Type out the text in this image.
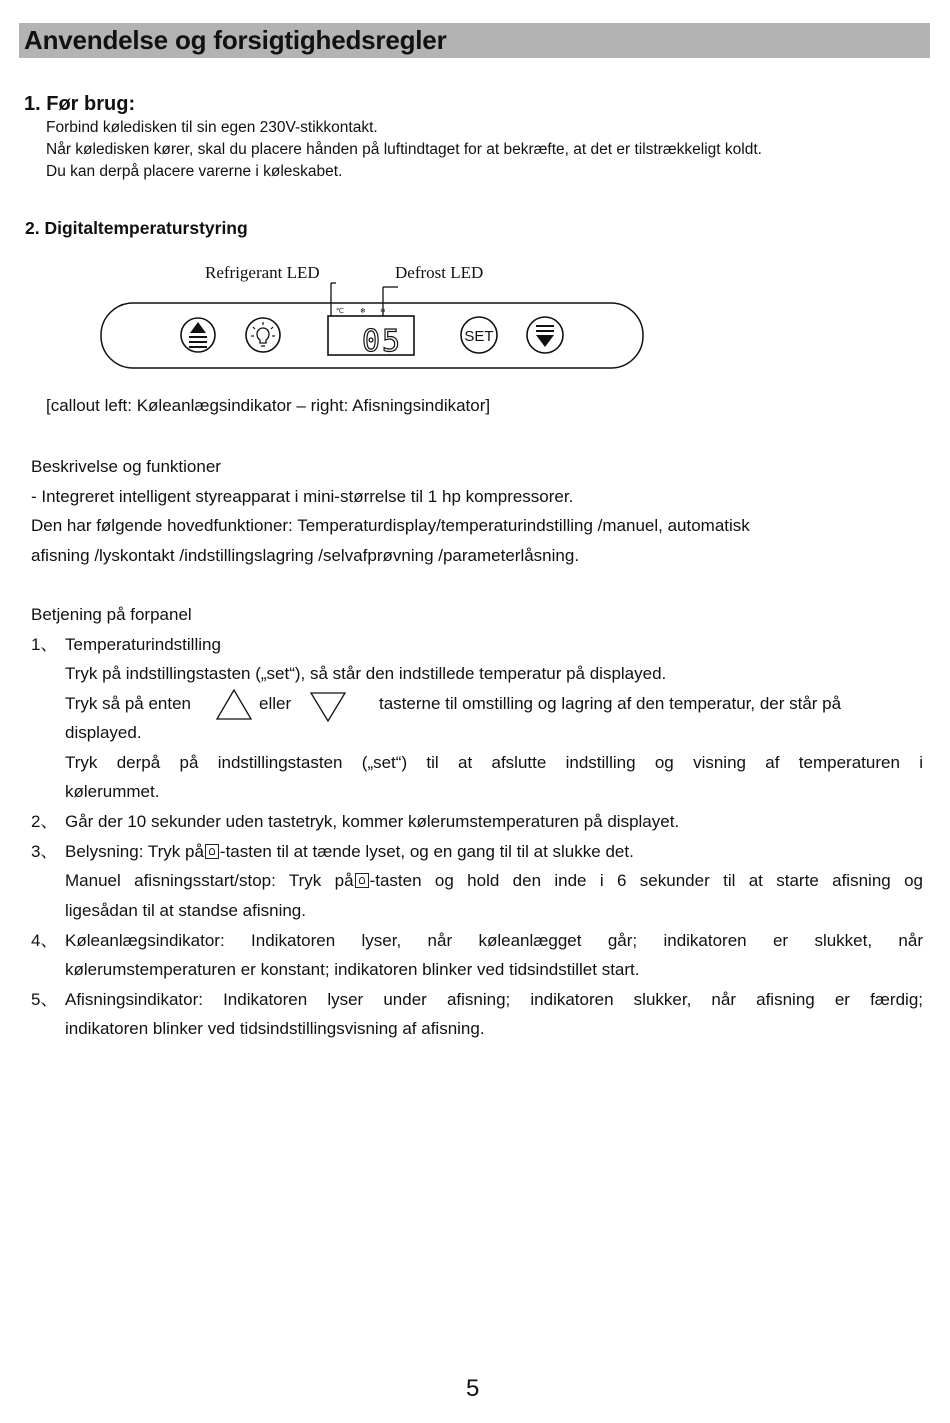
Anvendelse og forsigtighedsregler
1. Før brug:
Forbind køledisken til sin egen 230V-stikkontakt.
Når køledisken kører, skal du placere hånden på luftindtaget for at bekræfte, at det er tilstrækkeligt koldt.
Du kan derpå placere varerne i køleskabet.
2. Digitaltemperaturstyring
Refrigerant LED	Defrost LED
℃ ❄ ❄
05	SET
[callout left: Køleanlægsindikator – right: Afisningsindikator]
Beskrivelse og funktioner
- Integreret intelligent styreapparat i mini-størrelse til 1 hp kompressorer.
Den har følgende hovedfunktioner: Temperaturdisplay/temperaturindstilling /manuel, automatisk
afisning /lyskontakt /indstillingslagring /selvafprøvning /parameterlåsning.
Betjening på forpanel
1、 Temperaturindstilling
Tryk på indstillingstasten („set“), så står den indstillede temperatur på displayed.
Tryk så på enten	eller	tasterne til omstilling og lagring af den temperatur, der står på
displayed.
Tryk derpå på indstillingstasten („set“) til at afslutte indstilling og visning af temperaturen i
kølerummet.
2、 Går der 10 sekunder uden tastetryk, kommer kølerumstemperaturen på displayet.
3、 Belysning: Tryk på -tasten til at tænde lyset, og en gang til til at slukke det.
Manuel afisningsstart/stop: Tryk på -tasten og hold den inde i 6 sekunder til at starte afisning og
ligesådan til at standse afisning.
4、 Køleanlægsindikator: Indikatoren lyser, når køleanlægget går; indikatoren er slukket, når
kølerumstemperaturen er konstant; indikatoren blinker ved tidsindstillet start.
5、 Afisningsindikator: Indikatoren lyser under afisning; indikatoren slukker, når afisning er færdig;
indikatoren blinker ved tidsindstillingsvisning af afisning.
5
